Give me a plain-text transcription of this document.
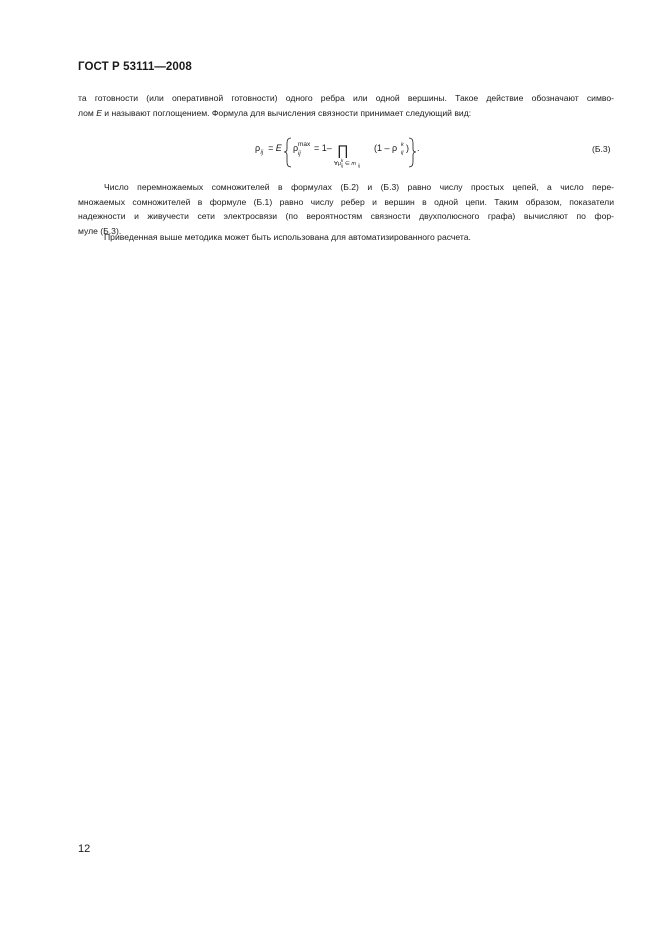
ГОСТ Р 53111—2008
та готовности (или оперативной готовности) одного ребра или одной вершины. Такое действие обозначают симво-
лом E и называют поглощением. Формула для вычисления связности принимает следующий вид:
ρ ij = E ρ
ij
max = 1– ∏
∀μ
k
ij ∈ m ij
(1 – ρ ij
k ) .	(Б.3)
Число перемножаемых сомножителей в формулах (Б.2) и (Б.3) равно числу простых цепей, а число пере-
множаемых сомножителей в формуле (Б.1) равно числу ребер и вершин в одной цепи. Таким образом, показатели
надежности и живучести сети электросвязи (по вероятностям связности двухполюсного графа) вычисляют по фор-
муле (Б.3).
Приведенная выше методика может быть использована для автоматизированного расчета.
12
